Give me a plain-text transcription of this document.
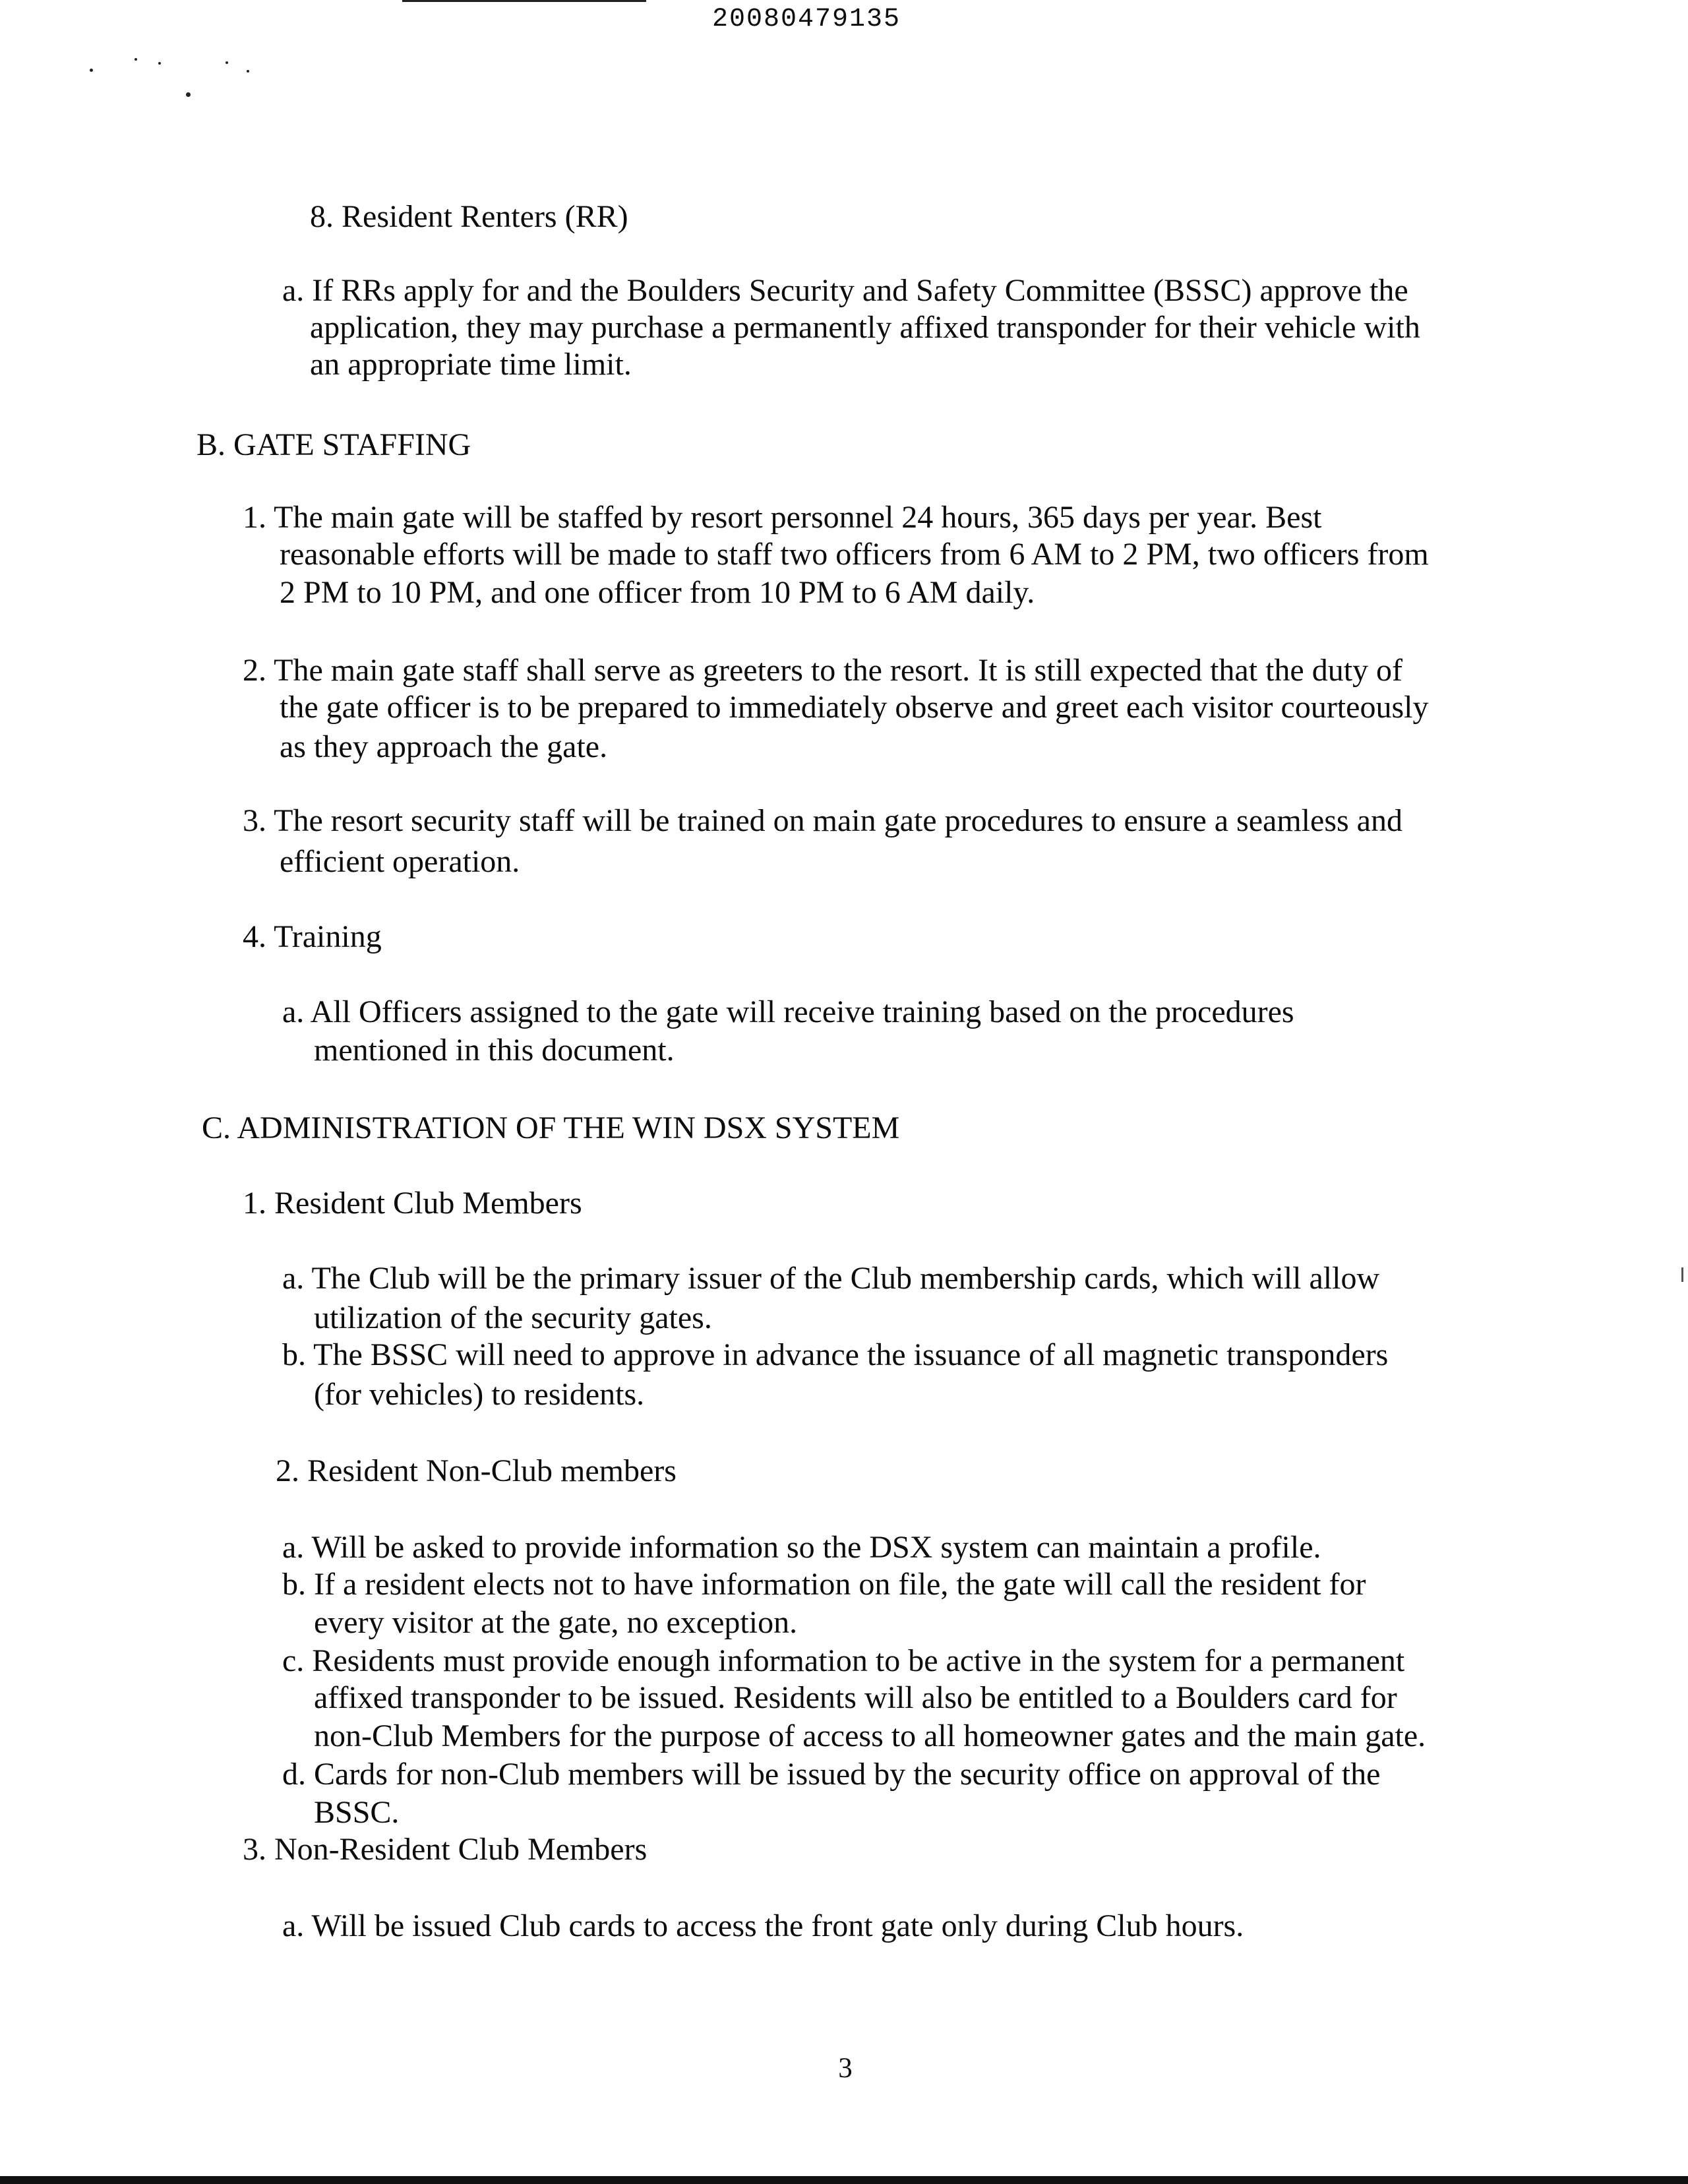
20080479135
8. Resident Renters (RR)
a. If RRs apply for and the Boulders Security and Safety Committee (BSSC) approve the
application, they may purchase a permanently affixed transponder for their vehicle with
an appropriate time limit.
B. GATE STAFFING
1. The main gate will be staffed by resort personnel 24 hours, 365 days per year. Best
reasonable efforts will be made to staff two officers from 6 AM to 2 PM, two officers from
2 PM to 10 PM, and one officer from 10 PM to 6 AM daily.
2. The main gate staff shall serve as greeters to the resort. It is still expected that the duty of
the gate officer is to be prepared to immediately observe and greet each visitor courteously
as they approach the gate.
3. The resort security staff will be trained on main gate procedures to ensure a seamless and
efficient operation.
4. Training
a. All Officers assigned to the gate will receive training based on the procedures
mentioned in this document.
C. ADMINISTRATION OF THE WIN DSX SYSTEM
1. Resident Club Members
a. The Club will be the primary issuer of the Club membership cards, which will allow
utilization of the security gates.
b. The BSSC will need to approve in advance the issuance of all magnetic transponders
(for vehicles) to residents.
2. Resident Non-Club members
a. Will be asked to provide information so the DSX system can maintain a profile.
b. If a resident elects not to have information on file, the gate will call the resident for
every visitor at the gate, no exception.
c. Residents must provide enough information to be active in the system for a permanent
affixed transponder to be issued. Residents will also be entitled to a Boulders card for
non-Club Members for the purpose of access to all homeowner gates and the main gate.
d. Cards for non-Club members will be issued by the security office on approval of the
BSSC.
3. Non-Resident Club Members
a. Will be issued Club cards to access the front gate only during Club hours.
3
